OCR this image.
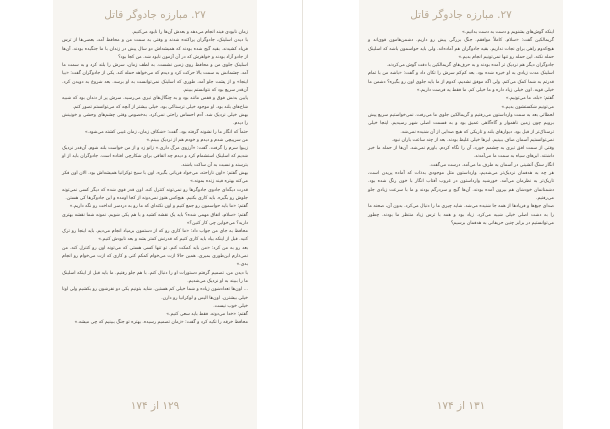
۲۷. مبارزه جادوگر قاتل

زمان نابودی فیند انجام می‌دهد و بعدش آن‌ها را نابود می‌کنیم.

با دیدن اسلینک، جادوگران پراکنده شدند و وقتی به سمت من و محافظ آمد، بعضی‌ها از ترس فریاد کشیدند. بقیه گیج شده بودند که همیشه‌اش دو سال پیش در زندان با ما جنگیده بودند. آن‌ها از جادو آزاد بودند و خواهرش که در آن آزمون نابود شد. من کجا بود؟

اسلینک جلوی من و محافظ روی زمین نشست. به لطف زمان، سرش را بلند کرد و به سمت ما آمد. چشمانش به سمت بالا حرکت کرد و دیدم که می‌خواهد حمله کند. یکی از جادوگران گفت: «بیا اینجا» و از پشت جلو آمد، طوری که اسلینک نمی‌توانست به او برسد. بعد شروع به دویدن کرد. آن‌قدر سریع بود که نتوانستم ببینم.

پایین بدنش فوق و قفس مانند بود و به چنگال‌های تیزی می‌رسید. سرش پر از دندان بود که شبیه شاخ‌های بلند بود. او موجود خیلی ترسناکی بود. خیلی بیشتر از آنچه که می‌توانستم تصور کنم.

بهش خیلی نزدیک شد. آدم احساس راحتی نمی‌کرد. به‌خصوص وقتی چشم‌های وحشی و خونینش را دیدم.

حتماً که انگار ما را نشونه گرفته بود. گفت: «شکاف زمان، زمان غیبی کشته می‌شود.»

من سرپیچی شدم و دیدم و خودم هم از نزدیک ببینم.»

زیبوا سرم را گرفت. گفت: «آرزوی مرگ داری.» زانو زد و از من خواست بلند شوم. آن‌قدر نزدیک شدیم که اسلینک استشمام کرد و دیدم چه اتفاقی برای شکارچی افتاده است. جادوگران باید از او بترسند و نسبت به آن ساکت باشند.

بهش گفتم: «اون ناراحته، می‌خواد قربانی بگیره. اون با سیخ توکرانیا همیشه‌اش بود. الان اون فکر می‌کنه بهتره فیند زنده بمونه.»

قدرت دیگه‌ای جادوی جادوگرها رو نمی‌تونه کنترل کنه. اون قدر قوی شده که دیگر کسی نمی‌تونه جلوش رو بگیره. باید کاری بکنیم. هیچ‌کس هنوز نمی‌دونه از کجا اومده و این جادوگرها کی هستن.

گفتم: «ما باید حواسمون رو جمع کنیم و اون نکته‌ای که ما رو به دردسر انداخت رو نگه داریم.»

گفتم: «سلام، اتفاق مهمی شده؟ باید یک نقشه کشید و با هم یکی شویم. نمونه شما نقشه بهتری دارید؟ می‌خواین چی کار کنین؟»

محافظ به جای من جواب داد: «ما کاری رو که از دستمون برمیاد انجام می‌دیم. باید اینجا رو ترک کنید. قبل از اینکه بیاد باید کاری کنیم که قدرتش کمتر بشه و بعد نابودش کنیم.»

بعد رو به من کرد: «من باید کمکت کنم. تو تنها کسی هستی که می‌تونه اون رو کنترل کنه. من نمی‌ذارم این‌طوری بمیری. همین حالا ازت می‌خوام کمکم کنی و کاری که ازت می‌خوام رو انجام بدی.»

با دیدن من، تصمیم گرفتم دستورات او را دنبال کنم. با هم جلو رفتیم. ما باید قبل از اینکه اسلینک ما را ببیند به او نزدیک می‌شدیم.

... اون‌ها تعدادشون زیاده و شما خیلی کم هستین. شاید بتونیم یکی دو نفرشون رو بکشیم ولی اونا خیلی بیشترن. اون‌ها الیس و لوکرانیا رو دارن.

خیلی خوب نیست.

گفتم: «خدا می‌دونه. فقط باید سعی کنیم.»

محافظ خرقه را تکیه کرد و گفت: «زمان تصمیم رسیده. بهتره تو جنگ ببینیم که چی میشه.»

۱۲۹ از ۱۷۴
۲۷. مبارزه جادوگر قاتل

اینکه گوش‌های بشنویم و دست به دست بدانیم.»

گریمالکین گفت: «سلام. کاملاً موافقم. جنگ بزرگی پیش رو داریم. دشمن‌هامون قوی‌اند و هیچ‌کدوم راهی برای نجات نداریم. بقیه جادوگران هم آماده‌اند. ولی باید حواسمون باشه که اسلینک حمله نکنه. این حمله رو تنها نمی‌تونیم انجام بدیم.»

جادوگران دیگر هم نزدیک تر آمده بودند و به حرف‌های گریمالکین با دقت گوش می‌کردند.

اسلینک مدت زیادی به او خیره شده بود. بعد کم‌کم سرش را تکان داد و گفت: «باشه من با تمام قدرتم به شما کمک می‌کنم. ولی اگه موفق نشدیم، کدوم از ما باید جلوی اون رو بگیره؟ دشمن ما خیلی قویه. اون خیلی زیاد داره و ما خیلی کم. ما فقط یه فرصت داریم.»

گفتم: «بله، ما می‌تونیم.»

می‌تونیم شکستشون بدیم.»

لحظاتی بعد به سمت وارداستون می‌رفتیم و گریمالکین جلوی ما می‌رفت. نمی‌خواستیم سریع پیش برویم چون زمین ناهموار و گاه‌گاهی عمیق بود و به قسمت اصلی شهر رسیدیم. اینجا خیلی ترسناک‌تر از قبل بود. دیوارهای بلند و تاریکی که هیچ صدایی از آن شنیده نمی‌شد.

نمی‌توانستیم آسمان صاف ببینیم. ابرها خیلی غلیظ بودند. بعد از چند ساعت باران نبود.

وقتی از سمت افق تیری به چشمم خورد، آن را نگاه کردم. باورم نمی‌شد. آن‌ها از حمله ما خبر داشتند. ابرهای سیاه به سمت ما می‌آمدند.

انگار سنگ آتشینی در آسمان به طرف ما می‌آمد. درست می‌گفت.

هر چه به هدفمان نزدیک‌تر می‌شدیم، وارداستون مثل موجودی بدذات که آماده پریدن است، تاریک‌تر به نظرمان می‌آمد. خورشید وارداستون در غروب آفتاب انگار با خون رنگ شده بود. دشمنانمان خودشان هم بیرون آمده بودند. آن‌ها گیج و سردرگم بودند و ما با سرعت زیادی جلو می‌رفتیم.

صدای جیغ‌ها و فریادها از همه جا شنیده می‌شد. شاید چیزی ما را دنبال می‌کرد. بدون آن، صحنه ما را به دشت اصلی خیلی شبیه می‌کرد. زیاد بود و همه با ترس زیاد منتظر ما بودند. چطور می‌توانستیم در برابر چنین حریفانی به هدفمان برسیم؟

۱۳۱ از ۱۷۴
